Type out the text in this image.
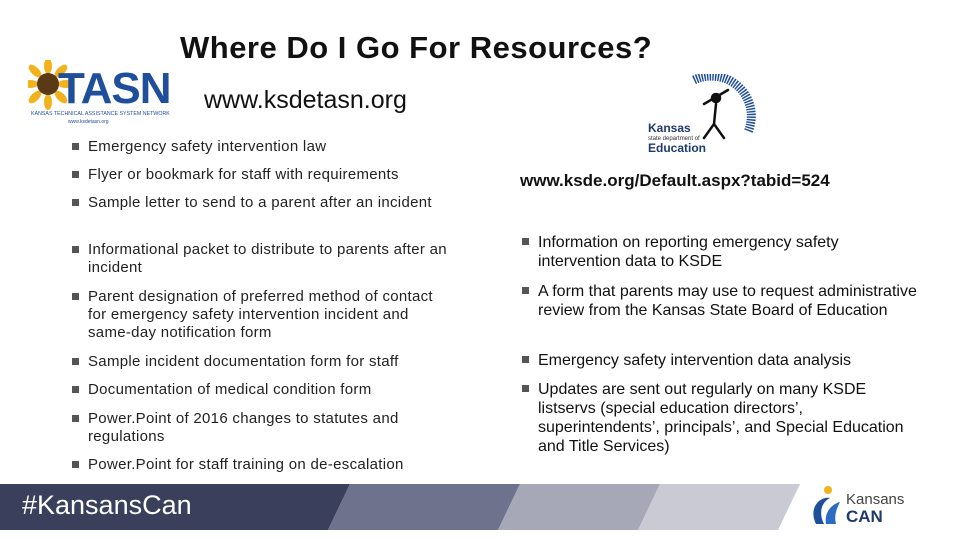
Where Do I Go For Resources?
www.ksdetasn.org
TASN
KANSAS TECHNICAL ASSISTANCE SYSTEM NETWORK
www.ksdetasn.org	Kansas
state department of
Education
www.ksde.org/Default.aspx?tabid=524
Emergency safety intervention law
Flyer or bookmark for staff with requirements
Sample letter to send to a parent after an incident
Informational packet to distribute to parents after an incident
Parent designation of preferred method of contact for emergency safety intervention incident and same-day notification form
Sample incident documentation form for staff
Documentation of medical condition form
Power.Point of 2016 changes to statutes and regulations
Power.Point for staff training on de-escalation
Information on reporting emergency safety intervention data to KSDE
A form that parents may use to request administrative review from the Kansas State Board of Education
Emergency safety intervention data analysis
Updates are sent out regularly on many KSDE listservs (special education directors’, superintendents’, principals’, and Special Education and Title Services)
#KansansCan	Kansans
CAN
